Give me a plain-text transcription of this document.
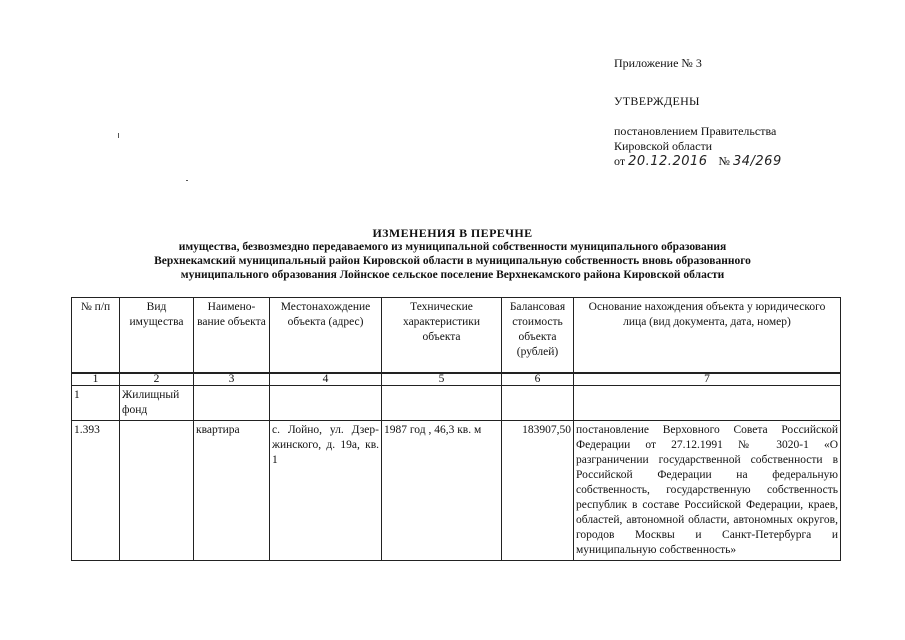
Приложение № 3
УТВЕРЖДЕНЫ
постановлением Правительства
Кировской области
от 20.12.2016 № 34/269
ИЗМЕНЕНИЯ В ПЕРЕЧНЕ
имущества, безвозмездно передаваемого из муниципальной собственности муниципального образования
Верхнекамский муниципальный район Кировской области в муниципальную собственность вновь образованного
муниципального образования Лойнское сельское поселение Верхнекамского района Кировской области
№ п/п	Вид имущества	Наимено-вание объекта	Местонахождение объекта (адрес)	Технические характеристики объекта	Балансовая стоимость объекта (рублей)	Основание нахождения объекта у юридического лица (вид документа, дата, номер)
1	2	3	4	5	6	7
1	Жилищный фонд					
1.393		квартира	с. Лойно, ул. Дзер-жинского, д. 19а, кв. 1	1987 год , 46,3 кв. м	183907,50	постановление Верховного Совета Российской Федерации от 27.12.1991 № 3020-1 «О разграничении государственной собственности в Российской Федерации на федеральную собственность, государственную собственность республик в составе Российской Федерации, краев, областей, автономной области, автономных округов, городов Москвы и Санкт-Петербурга и муниципальную собственность»
